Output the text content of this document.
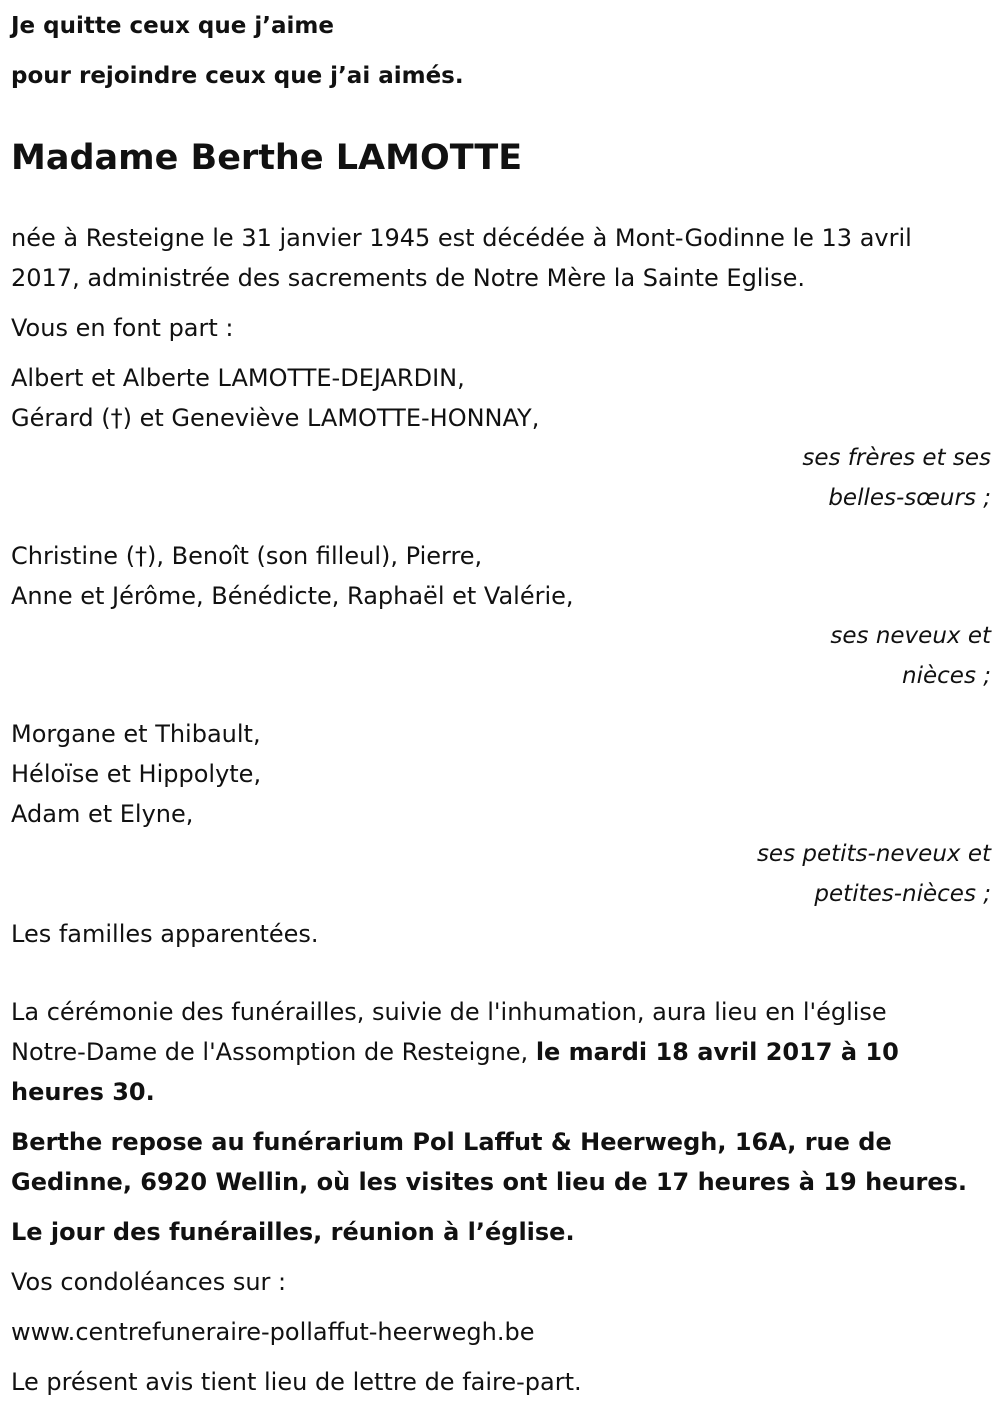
Je quitte ceux que j’aime
pour rejoindre ceux que j’ai aimés.
Madame Berthe LAMOTTE
née à Resteigne le 31 janvier 1945 est décédée à Mont-Godinne le 13 avril
2017, administrée des sacrements de Notre Mère la Sainte Eglise.
Vous en font part :
Albert et Alberte LAMOTTE-DEJARDIN,
Gérard (†) et Geneviève LAMOTTE-HONNAY,
ses frères et ses
belles-sœurs ;
Christine (†), Benoît (son filleul), Pierre,
Anne et Jérôme, Bénédicte, Raphaël et Valérie,
ses neveux et
nièces ;
Morgane et Thibault,
Héloïse et Hippolyte,
Adam et Elyne,
ses petits-neveux et
petites-nièces ;
Les familles apparentées.
La cérémonie des funérailles, suivie de l'inhumation, aura lieu en l'église
Notre-Dame de l'Assomption de Resteigne, le mardi 18 avril 2017 à 10
heures 30.
Berthe repose au funérarium Pol Laffut & Heerwegh, 16A, rue de
Gedinne, 6920 Wellin, où les visites ont lieu de 17 heures à 19 heures.
Le jour des funérailles, réunion à l’église.
Vos condoléances sur :
www.centrefuneraire-pollaffut-heerwegh.be
Le présent avis tient lieu de lettre de faire-part.
